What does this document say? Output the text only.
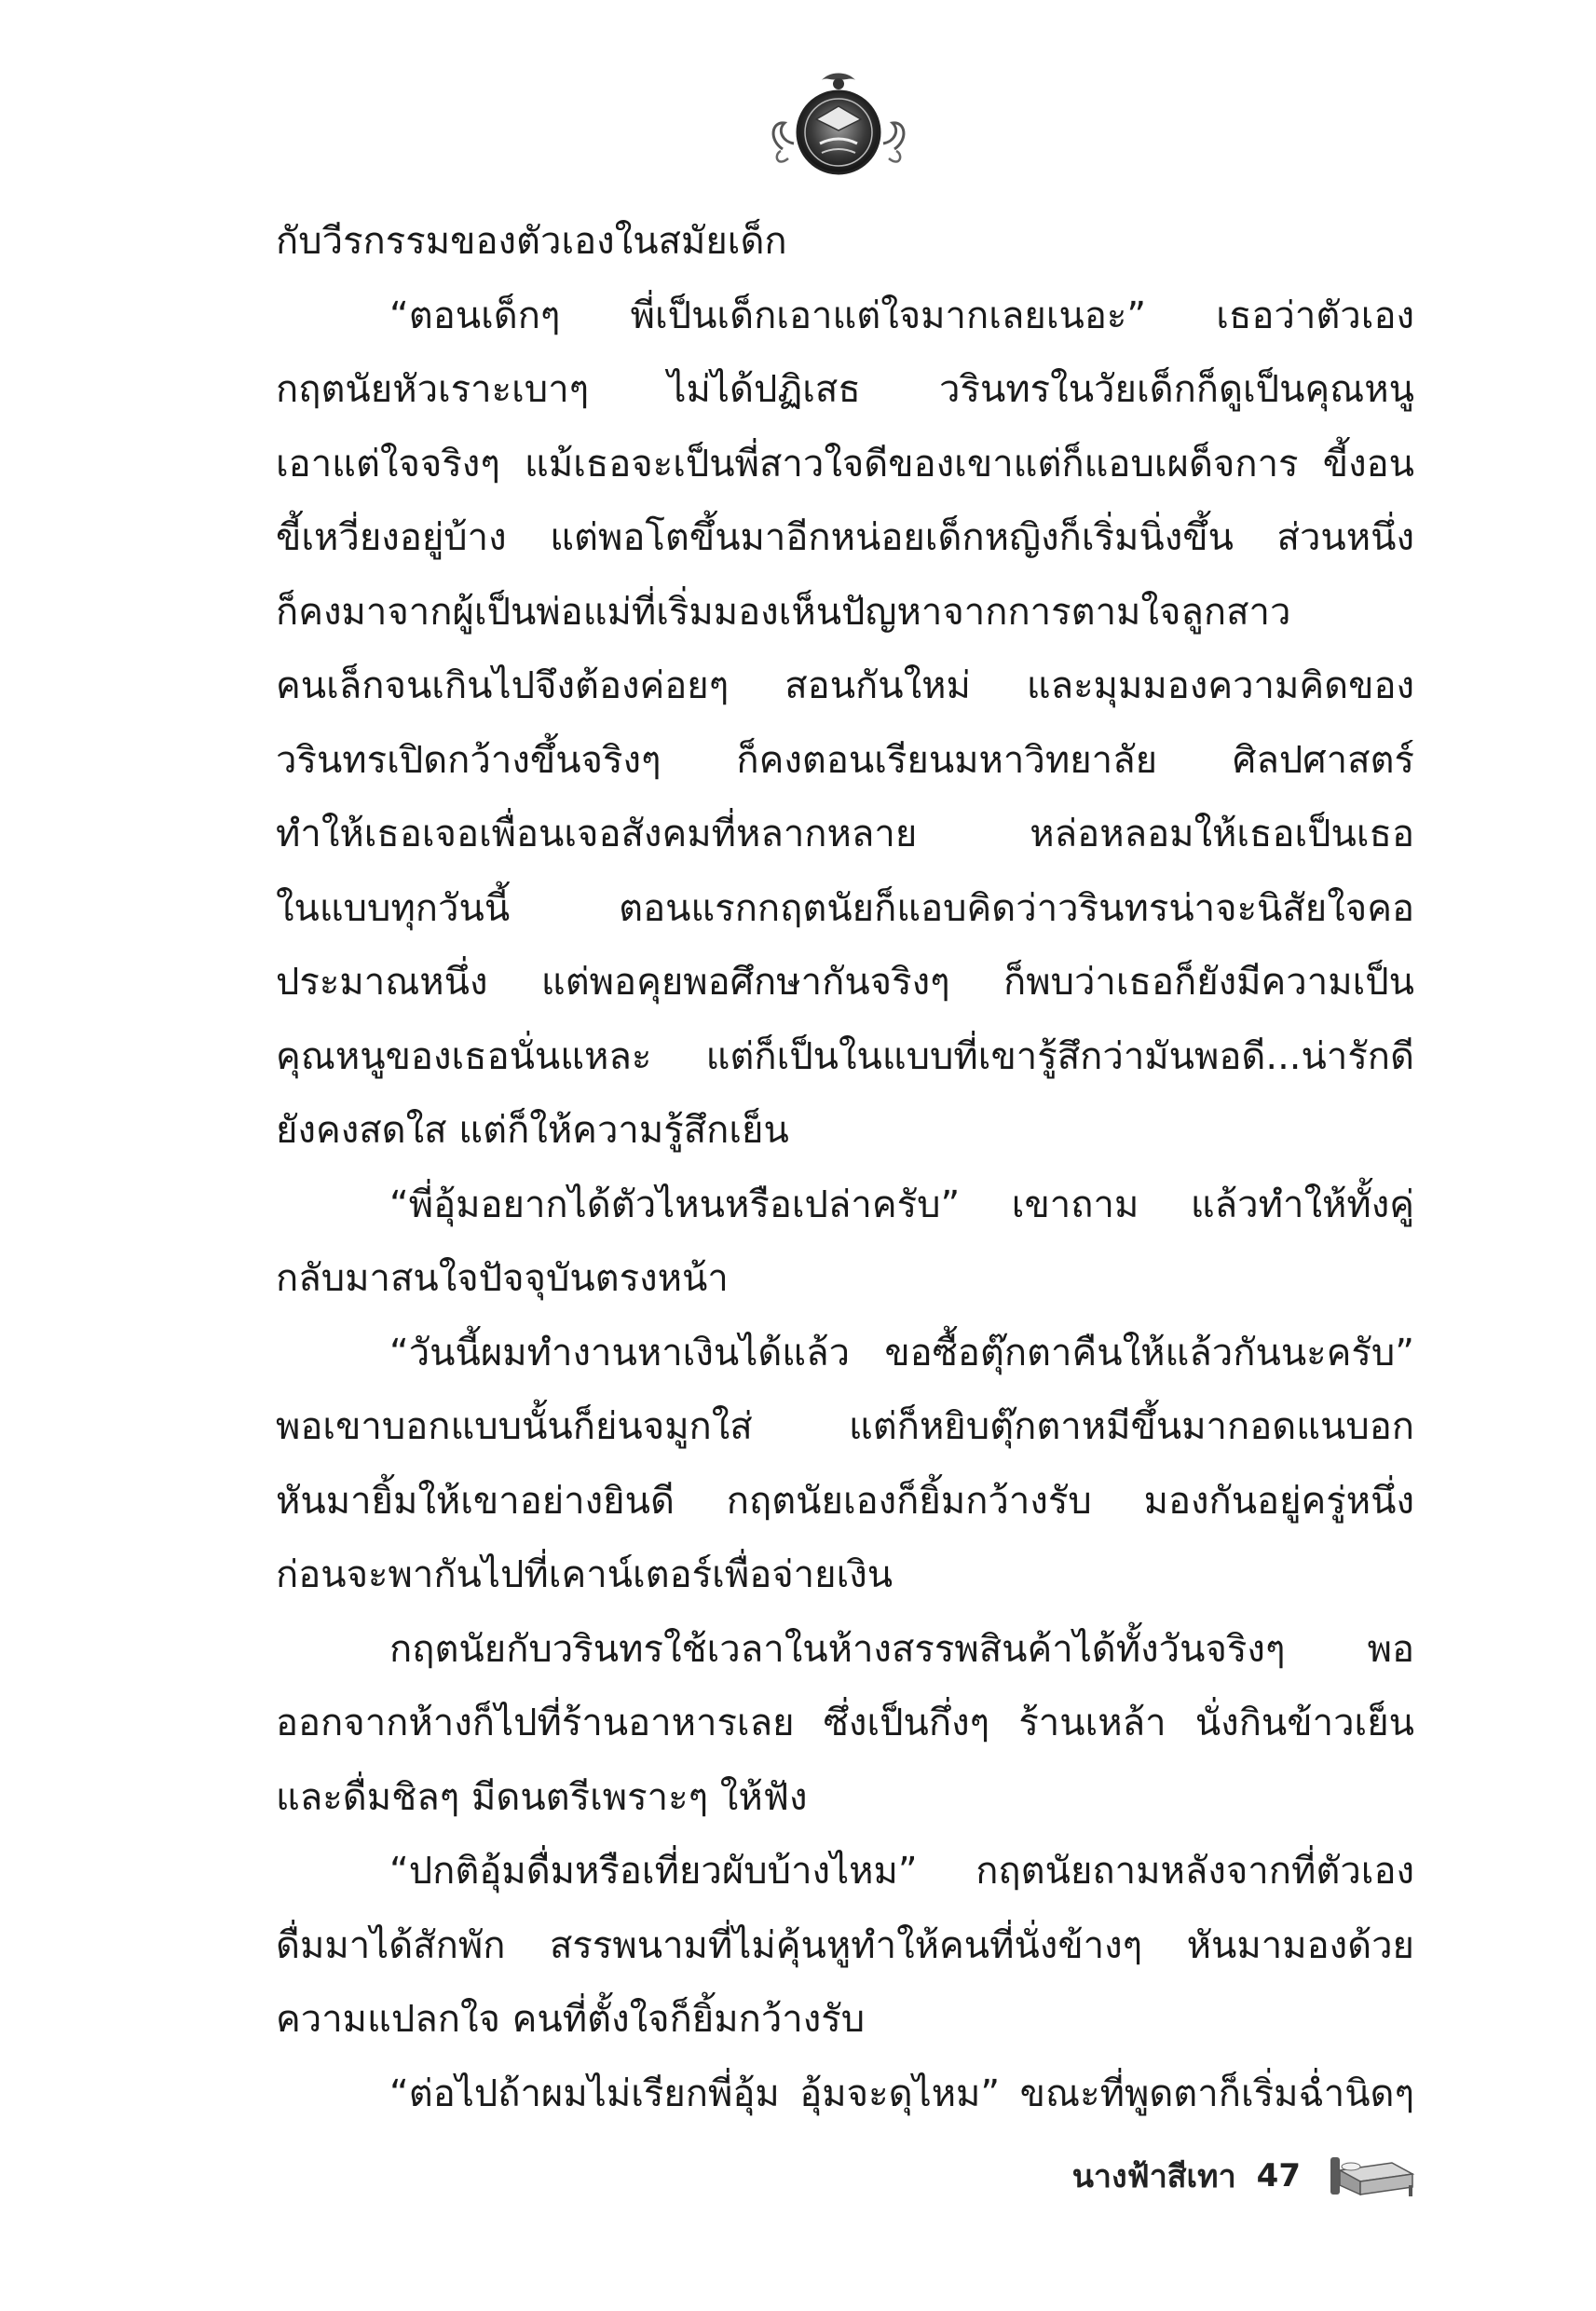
กับวีรกรรมของตัวเองในสมัยเด็ก
“ตอนเด็กๆ พี่เป็นเด็กเอาแต่ใจมากเลยเนอะ” เธอว่าตัวเอง
กฤตนัยหัวเราะเบาๆ ไม่ได้ปฏิเสธ วรินทรในวัยเด็กก็ดูเป็นคุณหนู
เอาแต่ใจจริงๆ แม้เธอจะเป็นพี่สาวใจดีของเขาแต่ก็แอบเผด็จการ ขี้งอน
ขี้เหวี่ยงอยู่บ้าง แต่พอโตขึ้นมาอีกหน่อยเด็กหญิงก็เริ่มนิ่งขึ้น ส่วนหนึ่ง
ก็คงมาจากผู้เป็นพ่อแม่ที่เริ่มมองเห็นปัญหาจากการตามใจลูกสาว
คนเล็กจนเกินไปจึงต้องค่อยๆ สอนกันใหม่ และมุมมองความคิดของ
วรินทรเปิดกว้างขึ้นจริงๆ ก็คงตอนเรียนมหาวิทยาลัย ศิลปศาสตร์
ทำให้เธอเจอเพื่อนเจอสังคมที่หลากหลาย หล่อหลอมให้เธอเป็นเธอ
ในแบบทุกวันนี้ ตอนแรกกฤตนัยก็แอบคิดว่าวรินทรน่าจะนิสัยใจคอ
ประมาณหนึ่ง แต่พอคุยพอศึกษากันจริงๆ ก็พบว่าเธอก็ยังมีความเป็น
คุณหนูของเธอนั่นแหละ แต่ก็เป็นในแบบที่เขารู้สึกว่ามันพอดี...น่ารักดี
ยังคงสดใส แต่ก็ให้ความรู้สึกเย็น
“พี่อุ้มอยากได้ตัวไหนหรือเปล่าครับ” เขาถาม แล้วทำให้ทั้งคู่
กลับมาสนใจปัจจุบันตรงหน้า
“วันนี้ผมทำงานหาเงินได้แล้ว ขอซื้อตุ๊กตาคืนให้แล้วกันนะครับ”
พอเขาบอกแบบนั้นก็ย่นจมูกใส่ แต่ก็หยิบตุ๊กตาหมีขึ้นมากอดแนบอก
หันมายิ้มให้เขาอย่างยินดี กฤตนัยเองก็ยิ้มกว้างรับ มองกันอยู่ครู่หนึ่ง
ก่อนจะพากันไปที่เคาน์เตอร์เพื่อจ่ายเงิน
กฤตนัยกับวรินทรใช้เวลาในห้างสรรพสินค้าได้ทั้งวันจริงๆ พอ
ออกจากห้างก็ไปที่ร้านอาหารเลย ซึ่งเป็นกึ่งๆ ร้านเหล้า นั่งกินข้าวเย็น
และดื่มชิลๆ มีดนตรีเพราะๆ ให้ฟัง
“ปกติอุ้มดื่มหรือเที่ยวผับบ้างไหม” กฤตนัยถามหลังจากที่ตัวเอง
ดื่มมาได้สักพัก สรรพนามที่ไม่คุ้นหูทำให้คนที่นั่งข้างๆ หันมามองด้วย
ความแปลกใจ คนที่ตั้งใจก็ยิ้มกว้างรับ
“ต่อไปถ้าผมไม่เรียกพี่อุ้ม อุ้มจะดุไหม” ขณะที่พูดตาก็เริ่มฉ่ำนิดๆ
นางฟ้าสีเทา 47
